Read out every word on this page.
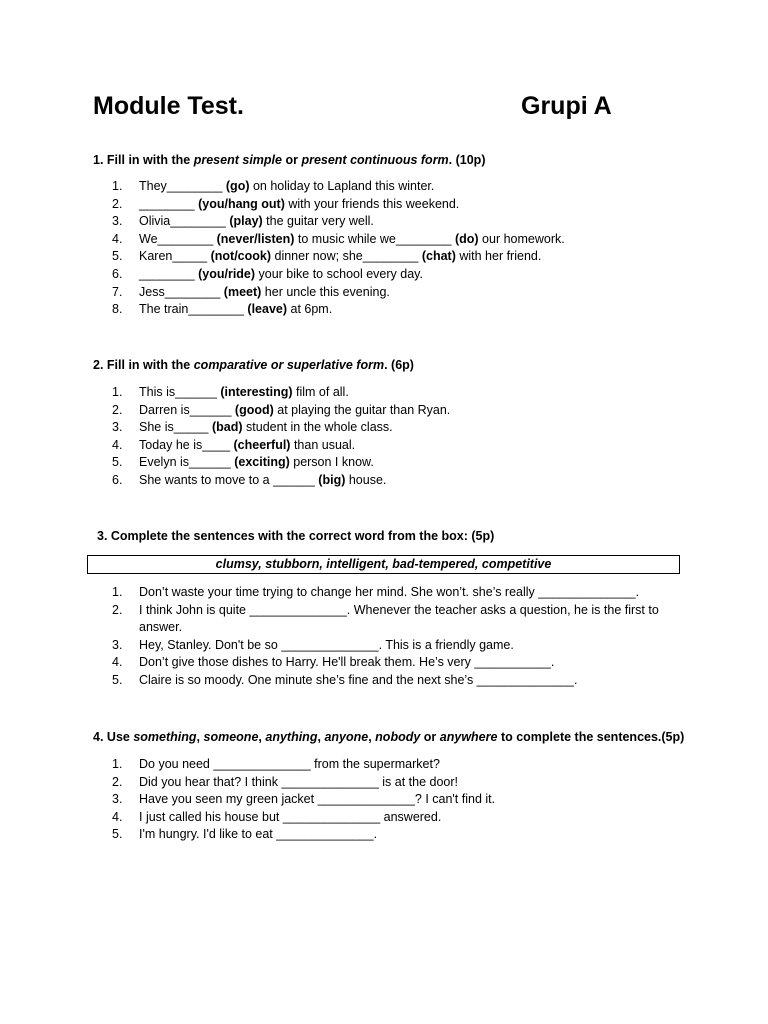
Module Test.	Grupi A
1. Fill in with the present simple or present continuous form. (10p)
1.	They________ (go) on holiday to Lapland this winter.
2.	________ (you/hang out) with your friends this weekend.
3.	Olivia________ (play) the guitar very well.
4.	We________ (never/listen) to music while we________ (do) our homework.
5.	Karen_____ (not/cook) dinner now; she________ (chat) with her friend.
6.	________ (you/ride) your bike to school every day.
7.	Jess________ (meet) her uncle this evening.
8.	The train________ (leave) at 6pm.
2. Fill in with the comparative or superlative form. (6p)
1.	This is______ (interesting) film of all.
2.	Darren is______ (good) at playing the guitar than Ryan.
3.	She is_____ (bad) student in the whole class.
4.	Today he is____ (cheerful) than usual.
5.	Evelyn is______ (exciting) person I know.
6.	She wants to move to a ______ (big) house.
3. Complete the sentences with the correct word from the box: (5p)
clumsy, stubborn, intelligent, bad-tempered, competitive
1.	Don’t waste your time trying to change her mind. She won’t. she’s really ______________.
2.	I think John is quite ______________. Whenever the teacher asks a question, he is the first to answer.
3.	Hey, Stanley. Don't be so ______________. This is a friendly game.
4.	Don’t give those dishes to Harry. He'll break them. He’s very ___________.
5.	Claire is so moody. One minute she’s fine and the next she’s ______________.
4. Use something, someone, anything, anyone, nobody or anywhere to complete the sentences.(5p)
1.	Do you need ______________ from the supermarket?
2.	Did you hear that? I think ______________ is at the door!
3.	Have you seen my green jacket ______________? I can't find it.
4.	I just called his house but ______________ answered.
5.	I'm hungry. I'd like to eat ______________.
